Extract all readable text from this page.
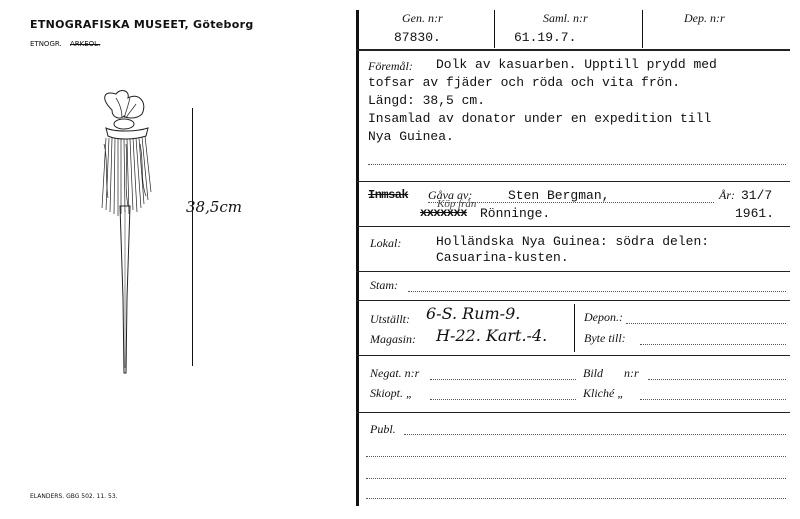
ETNOGRAFISKA MUSEET, Göteborg
ETNOGR. ARKEOL.
38,5cm
ELANDERS. GBG 502. 11. 53.
Gen. n:r
87830.
Saml. n:r
61.19.7.
Dep. n:r
Föremål: Dolk av kasuarben. Upptill prydd med
tofsar av fjäder och röda och vita frön.
Längd: 38,5 cm.
Insamlad av donator under en expedition till
Nya Guinea.
Inmsak Gåva av:	Sten Bergman,
Köp från
xxxxxxx Rönninge.
År: 31/7
1961.
Lokal:	Holländska Nya Guinea: södra delen:
Casuarina-kusten.
Stam:
Utställt: 6-S. Rum-9.
Magasin: H-22. Kart.-4.
Depon.:
Byte till:
Negat. n:r	Bild n:r
Skiopt. „	Kliché „
Publ.
